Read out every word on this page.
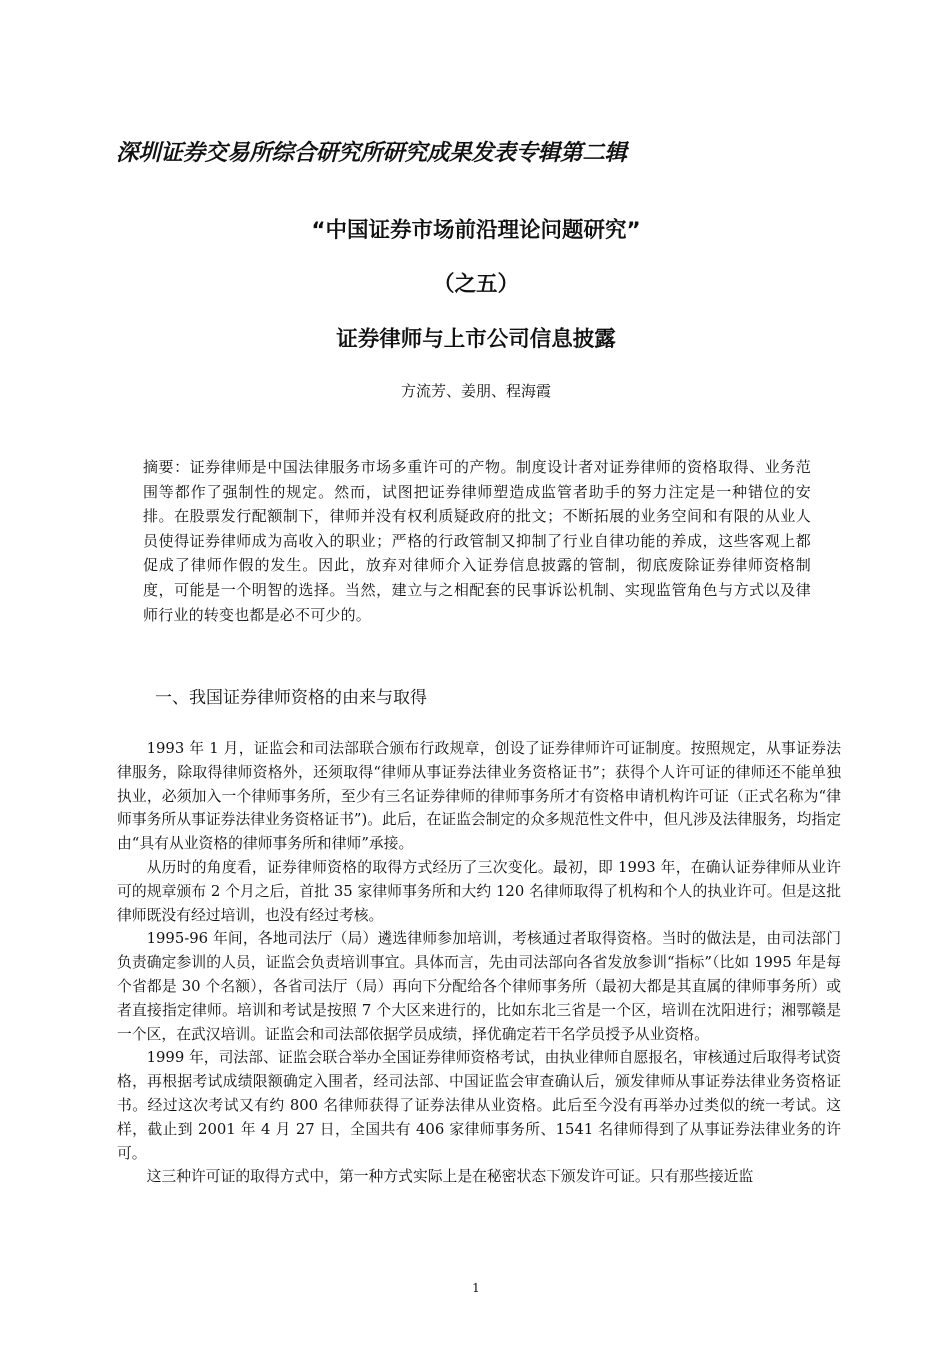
深圳证券交易所综合研究所研究成果发表专辑第二辑
“中国证券市场前沿理论问题研究”
（之五）
证券律师与上市公司信息披露
方流芳、姜朋、程海霞
摘要：证券律师是中国法律服务市场多重许可的产物。制度设计者对证券律师的资格取得、业务范围等都作了强制性的规定。然而，试图把证券律师塑造成监管者助手的努力注定是一种错位的安排。在股票发行配额制下，律师并没有权利质疑政府的批文；不断拓展的业务空间和有限的从业人员使得证券律师成为高收入的职业；严格的行政管制又抑制了行业自律功能的养成，这些客观上都促成了律师作假的发生。因此，放弃对律师介入证券信息披露的管制，彻底废除证券律师资格制度，可能是一个明智的选择。当然，建立与之相配套的民事诉讼机制、实现监管角色与方式以及律师行业的转变也都是必不可少的。
一、我国证券律师资格的由来与取得

1993 年 1 月，证监会和司法部联合颁布行政规章，创设了证券律师许可证制度。按照规定，从事证券法律服务，除取得律师资格外，还须取得“律师从事证券法律业务资格证书”；获得个人许可证的律师还不能单独执业，必须加入一个律师事务所，至少有三名证券律师的律师事务所才有资格申请机构许可证（正式名称为“律师事务所从事证券法律业务资格证书”)。此后，在证监会制定的众多规范性文件中，但凡涉及法律服务，均指定由“具有从业资格的律师事务所和律师”承接。

从历时的角度看，证券律师资格的取得方式经历了三次变化。最初，即 1993 年，在确认证券律师从业许可的规章颁布 2 个月之后，首批 35 家律师事务所和大约 120 名律师取得了机构和个人的执业许可。但是这批律师既没有经过培训，也没有经过考核。

1995-96 年间，各地司法厅（局）遴选律师参加培训，考核通过者取得资格。当时的做法是，由司法部门负责确定参训的人员，证监会负责培训事宜。具体而言，先由司法部向各省发放参训“指标”（比如 1995 年是每个省都是 30 个名额），各省司法厅（局）再向下分配给各个律师事务所（最初大都是其直属的律师事务所）或者直接指定律师。培训和考试是按照 7 个大区来进行的，比如东北三省是一个区，培训在沈阳进行；湘鄂赣是一个区，在武汉培训。证监会和司法部依据学员成绩，择优确定若干名学员授予从业资格。

1999 年，司法部、证监会联合举办全国证券律师资格考试，由执业律师自愿报名，审核通过后取得考试资格，再根据考试成绩限额确定入围者，经司法部、中国证监会审查确认后，颁发律师从事证券法律业务资格证书。经过这次考试又有约 800 名律师获得了证券法律从业资格。此后至今没有再举办过类似的统一考试。这样，截止到 2001 年 4 月 27 日，全国共有 406 家律师事务所、1541 名律师得到了从事证券法律业务的许可。

这三种许可证的取得方式中，第一种方式实际上是在秘密状态下颁发许可证。只有那些接近监

1
